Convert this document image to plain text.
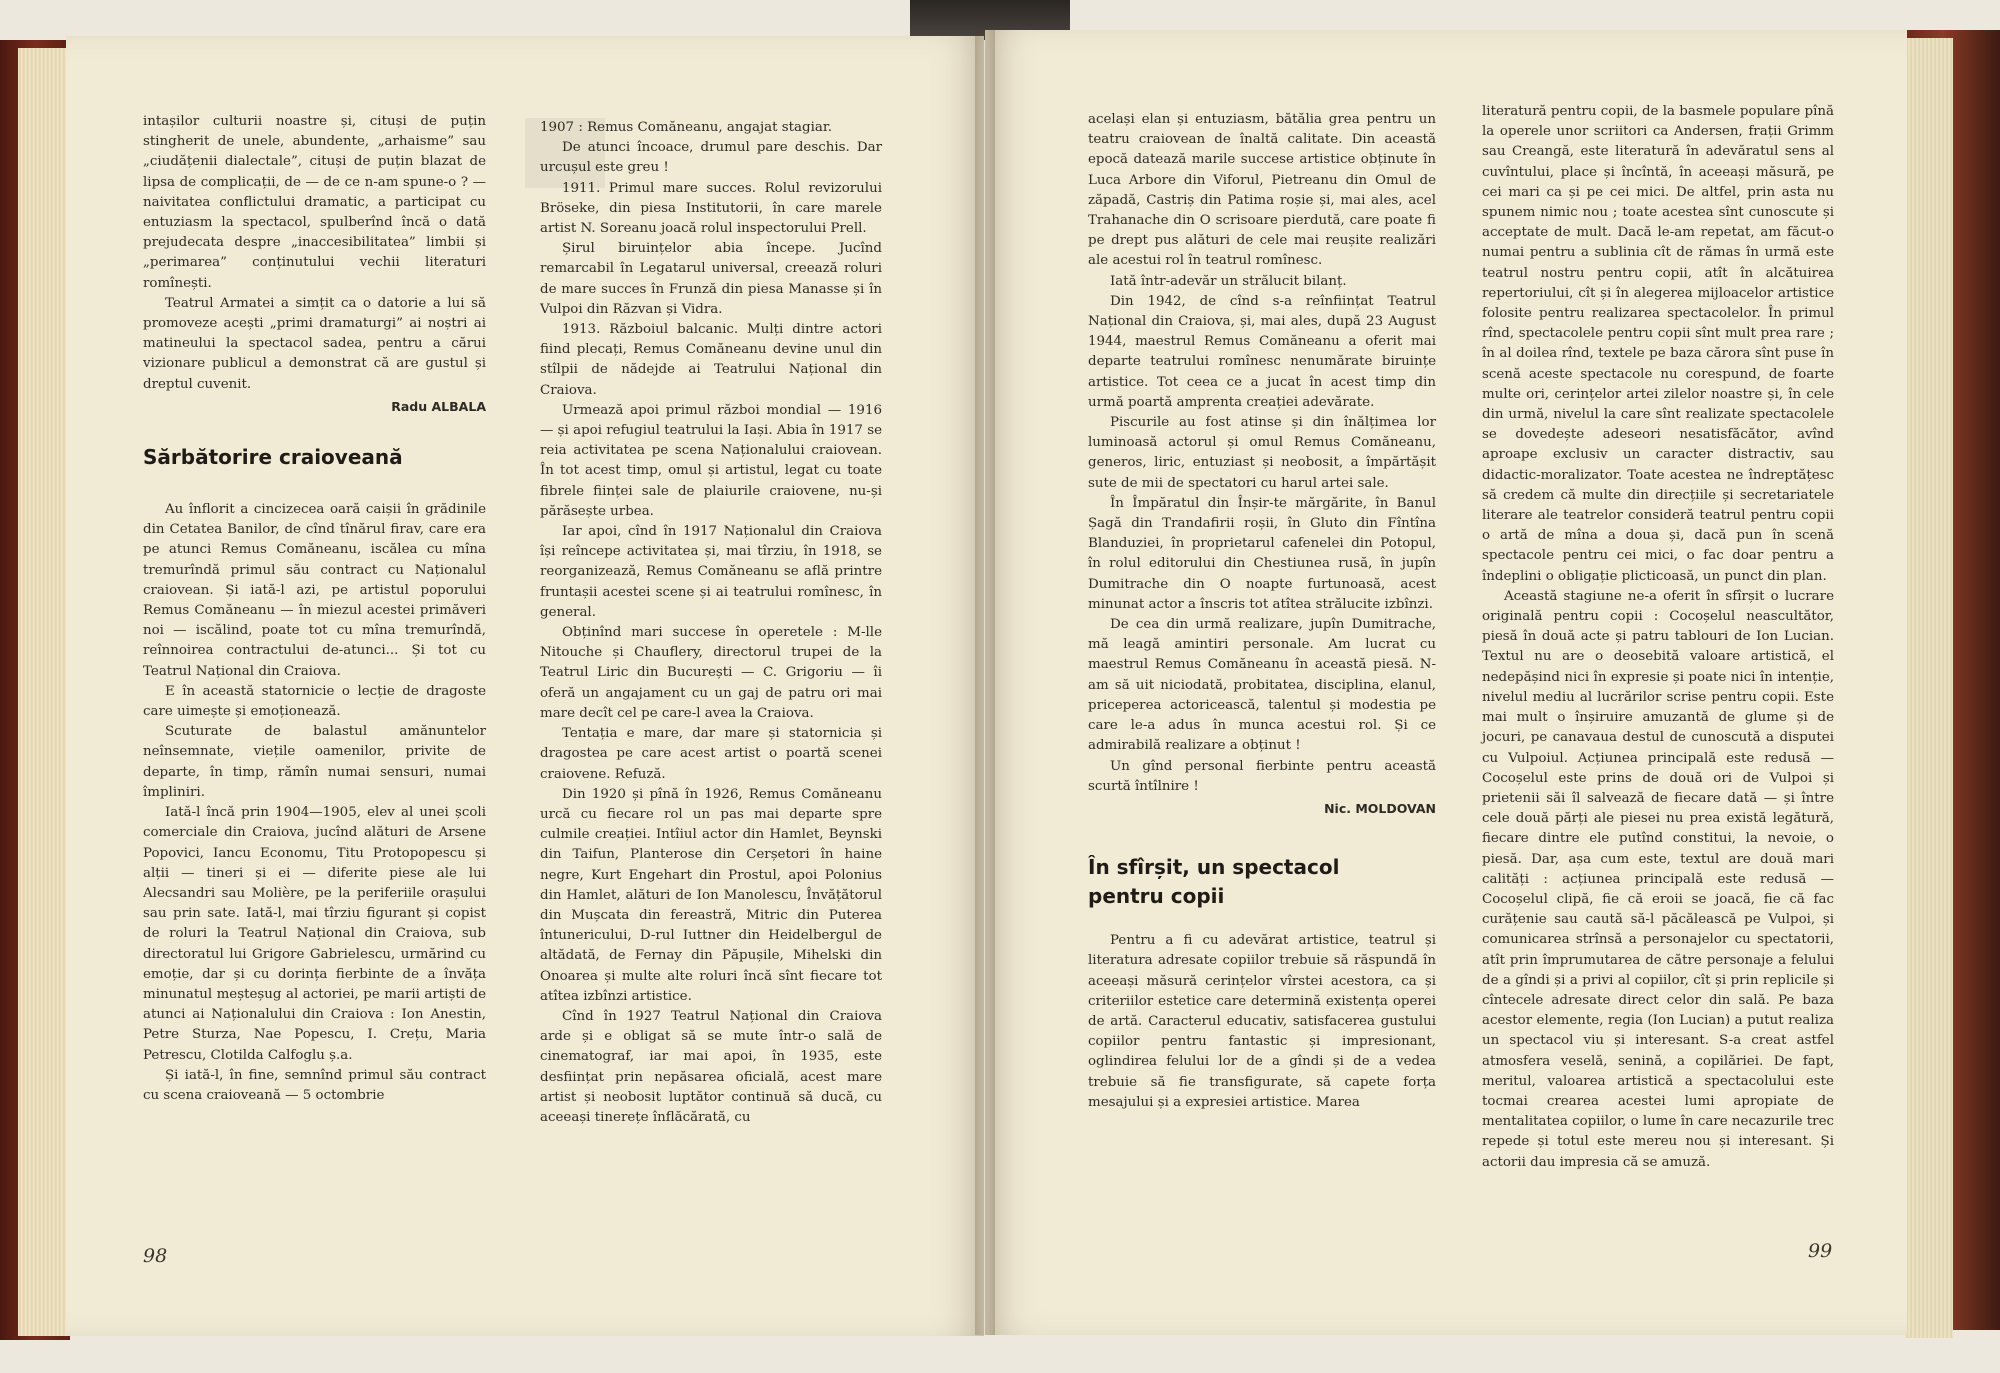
intașilor culturii noastre și, cituși de puțin stingherit de unele, abundente, „arhaisme” sau „ciudățenii dialectale”, cituși de puțin blazat de lipsa de complicații, de — de ce n-am spune-o ? — naivitatea conflictului dramatic, a participat cu entuziasm la spectacol, spulberînd încă o dată prejudecata despre „inaccesibilitatea” limbii și „perimarea” conținutului vechii literaturi romînești.

Teatrul Armatei a simțit ca o datorie a lui să promoveze acești „primi dramaturgi” ai noștri ai matineului la spectacol sadea, pentru a cărui vizionare publicul a demonstrat că are gustul și dreptul cuvenit.

Radu ALBALA

Sărbătorire craioveană

Au înflorit a cincizecea oară caișii în grădinile din Cetatea Banilor, de cînd tînărul firav, care era pe atunci Remus Comăneanu, iscălea cu mîna tremurîndă primul său contract cu Naționalul craiovean. Și iată-l azi, pe artistul poporului Remus Comăneanu — în miezul acestei primăveri noi — iscălind, poate tot cu mîna tremurîndă, reînnoirea contractului de-atunci... Și tot cu Teatrul Național din Craiova.

E în această statornicie o lecție de dragoste care uimește și emoționează.

Scuturate de balastul amănuntelor neînsemnate, viețile oamenilor, privite de departe, în timp, rămîn numai sensuri, numai împliniri.

Iată-l încă prin 1904—1905, elev al unei școli comerciale din Craiova, jucînd alături de Arsene Popovici, Iancu Economu, Titu Protopopescu și alții — tineri și ei — diferite piese ale lui Alecsandri sau Molière, pe la periferiile orașului sau prin sate. Iată-l, mai tîrziu figurant și copist de roluri la Teatrul Național din Craiova, sub directoratul lui Grigore Gabrielescu, urmărind cu emoție, dar și cu dorința fierbinte de a învăța minunatul meșteșug al actoriei, pe marii artiști de atunci ai Naționalului din Craiova : Ion Anestin, Petre Sturza, Nae Popescu, I. Crețu, Maria Petrescu, Clotilda Calfoglu ș.a.

Și iată-l, în fine, semnînd primul său contract cu scena craioveană — 5 octombrie

1907 : Remus Comăneanu, angajat stagiar.

De atunci încoace, drumul pare deschis. Dar urcușul este greu !

1911. Primul mare succes. Rolul revizorului Bröseke, din piesa Institutorii, în care marele artist N. Soreanu joacă rolul inspectorului Prell.

Șirul biruințelor abia începe. Jucînd remarcabil în Legatarul universal, creează roluri de mare succes în Frunză din piesa Manasse și în Vulpoi din Răzvan și Vidra.

1913. Războiul balcanic. Mulți dintre actori fiind plecați, Remus Comăneanu devine unul din stîlpii de nădejde ai Teatrului Național din Craiova.

Urmează apoi primul război mondial — 1916 — și apoi refugiul teatrului la Iași. Abia în 1917 se reia activitatea pe scena Naționalului craiovean. În tot acest timp, omul și artistul, legat cu toate fibrele ființei sale de plaiurile craiovene, nu-și părăsește urbea.

Iar apoi, cînd în 1917 Naționalul din Craiova își reîncepe activitatea și, mai tîrziu, în 1918, se reorganizează, Remus Comăneanu se află printre fruntașii acestei scene și ai teatrului romînesc, în general.

Obținînd mari succese în operetele : M-lle Nitouche și Chauflery, directorul trupei de la Teatrul Liric din București — C. Grigoriu — îi oferă un angajament cu un gaj de patru ori mai mare decît cel pe care-l avea la Craiova.

Tentația e mare, dar mare și statornicia și dragostea pe care acest artist o poartă scenei craiovene. Refuză.

Din 1920 și pînă în 1926, Remus Comăneanu urcă cu fiecare rol un pas mai departe spre culmile creației. Intîiul actor din Hamlet, Beynski din Taifun, Planterose din Cerșetori în haine negre, Kurt Engehart din Prostul, apoi Polonius din Hamlet, alături de Ion Manolescu, Învățătorul din Mușcata din fereastră, Mitric din Puterea întunericului, D-rul Iuttner din Heidelbergul de altădată, de Fernay din Păpușile, Mihelski din Onoarea și multe alte roluri încă sînt fiecare tot atîtea izbînzi artistice.

Cînd în 1927 Teatrul Național din Craiova arde și e obligat să se mute într-o sală de cinematograf, iar mai apoi, în 1935, este desființat prin nepăsarea oficială, acest mare artist și neobosit luptător continuă să ducă, cu aceeași tinerețe înflăcărată, cu

98

același elan și entuziasm, bătălia grea pentru un teatru craiovean de înaltă calitate. Din această epocă datează marile succese artistice obținute în Luca Arbore din Viforul, Pietreanu din Omul de zăpadă, Castriș din Patima roșie și, mai ales, acel Trahanache din O scrisoare pierdută, care poate fi pe drept pus alături de cele mai reușite realizări ale acestui rol în teatrul romînesc.

Iată într-adevăr un strălucit bilanț.

Din 1942, de cînd s-a reînființat Teatrul Național din Craiova, și, mai ales, după 23 August 1944, maestrul Remus Comăneanu a oferit mai departe teatrului romînesc nenumărate biruințe artistice. Tot ceea ce a jucat în acest timp din urmă poartă amprenta creației adevărate.

Piscurile au fost atinse și din înălțimea lor luminoasă actorul și omul Remus Comăneanu, generos, liric, entuziast și neobosit, a împărtășit sute de mii de spectatori cu harul artei sale.

În Împăratul din Înșir-te mărgărite, în Banul Șagă din Trandafirii roșii, în Gluto din Fîntîna Blanduziei, în proprietarul cafenelei din Potopul, în rolul editorului din Chestiunea rusă, în jupîn Dumitrache din O noapte furtunoasă, acest minunat actor a înscris tot atîtea strălucite izbînzi.

De cea din urmă realizare, jupîn Dumitrache, mă leagă amintiri personale. Am lucrat cu maestrul Remus Comăneanu în această piesă. N-am să uit niciodată, probitatea, disciplina, elanul, priceperea actoricească, talentul și modestia pe care le-a adus în munca acestui rol. Și ce admirabilă realizare a obținut !

Un gînd personal fierbinte pentru această scurtă întîlnire !

Nic. MOLDOVAN

În sfîrșit, un spectacol

pentru copii

Pentru a fi cu adevărat artistice, teatrul și literatura adresate copiilor trebuie să răspundă în aceeași măsură cerințelor vîrstei acestora, ca și criteriilor estetice care determină existența operei de artă. Caracterul educativ, satisfacerea gustului copiilor pentru fantastic și impresionant, oglindirea felului lor de a gîndi și de a vedea trebuie să fie transfigurate, să capete forța mesajului și a expresiei artistice. Marea

literatură pentru copii, de la basmele populare pînă la operele unor scriitori ca Andersen, frații Grimm sau Creangă, este literatură în adevăratul sens al cuvîntului, place și încîntă, în aceeași măsură, pe cei mari ca și pe cei mici. De altfel, prin asta nu spunem nimic nou ; toate acestea sînt cunoscute și acceptate de mult. Dacă le-am repetat, am făcut-o numai pentru a sublinia cît de rămas în urmă este teatrul nostru pentru copii, atît în alcătuirea repertoriului, cît și în alegerea mijloacelor artistice folosite pentru realizarea spectacolelor. În primul rînd, spectacolele pentru copii sînt mult prea rare ; în al doilea rînd, textele pe baza cărora sînt puse în scenă aceste spectacole nu corespund, de foarte multe ori, cerințelor artei zilelor noastre și, în cele din urmă, nivelul la care sînt realizate spectacolele se dovedește adeseori nesatisfăcător, avînd aproape exclusiv un caracter distractiv, sau didactic-moralizator. Toate acestea ne îndreptățesc să credem că multe din direcțiile și secretariatele literare ale teatrelor consideră teatrul pentru copii o artă de mîna a doua și, dacă pun în scenă spectacole pentru cei mici, o fac doar pentru a îndeplini o obligație plicticoasă, un punct din plan.

Această stagiune ne-a oferit în sfîrșit o lucrare originală pentru copii : Cocoșelul neascultător, piesă în două acte și patru tablouri de Ion Lucian. Textul nu are o deosebită valoare artistică, el nedepășind nici în expresie și poate nici în intenție, nivelul mediu al lucrărilor scrise pentru copii. Este mai mult o înșiruire amuzantă de glume și de jocuri, pe canavaua destul de cunoscută a disputei cu Vulpoiul. Acțiunea principală este redusă — Cocoșelul este prins de două ori de Vulpoi și prietenii săi îl salvează de fiecare dată — și între cele două părți ale piesei nu prea există legătură, fiecare dintre ele putînd constitui, la nevoie, o piesă. Dar, așa cum este, textul are două mari calități : acțiunea principală este redusă — Cocoșelul clipă, fie că eroii se joacă, fie că fac curățenie sau caută să-l păcălească pe Vulpoi, și comunicarea strînsă a personajelor cu spectatorii, atît prin împrumutarea de către personaje a felului de a gîndi și a privi al copiilor, cît și prin replicile și cîntecele adresate direct celor din sală. Pe baza acestor elemente, regia (Ion Lucian) a putut realiza un spectacol viu și interesant. S-a creat astfel atmosfera veselă, senină, a copilăriei. De fapt, meritul, valoarea artistică a spectacolului este tocmai crearea acestei lumi apropiate de mentalitatea copiilor, o lume în care necazurile trec repede și totul este mereu nou și interesant. Și actorii dau impresia că se amuză.

99
